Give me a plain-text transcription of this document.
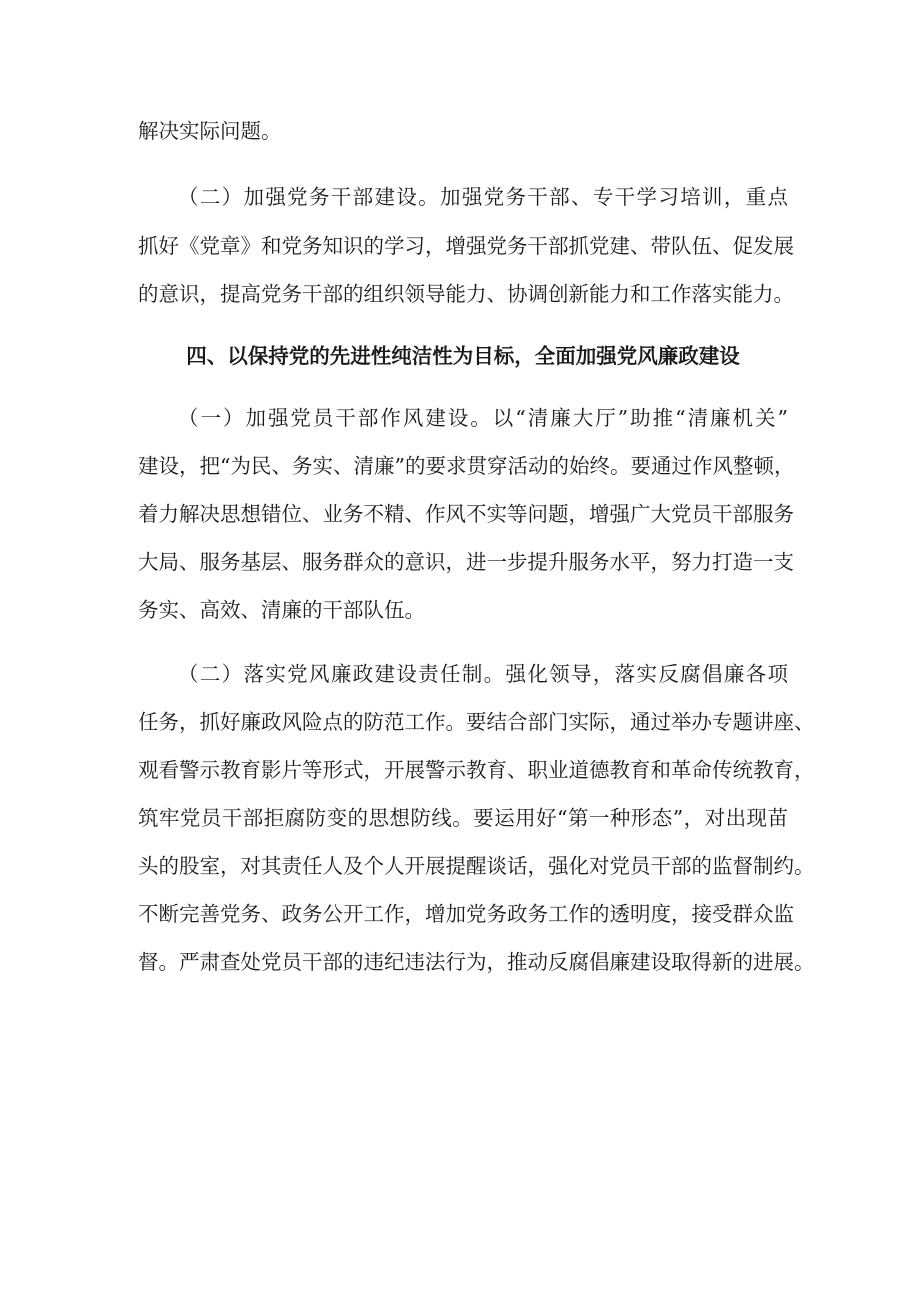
解决实际问题。

（二）加强党务干部建设。加强党务干部、专干学习培训，重点

抓好《党章》和党务知识的学习，增强党务干部抓党建、带队伍、促发展

的意识，提高党务干部的组织领导能力、协调创新能力和工作落实能力。

四、以保持党的先进性纯洁性为目标，全面加强党风廉政建设

（一）加强党员干部作风建设。以“清廉大厅”助推“清廉机关”

建设，把“为民、务实、清廉”的要求贯穿活动的始终。要通过作风整顿，

着力解决思想错位、业务不精、作风不实等问题，增强广大党员干部服务

大局、服务基层、服务群众的意识，进一步提升服务水平，努力打造一支

务实、高效、清廉的干部队伍。

（二）落实党风廉政建设责任制。强化领导，落实反腐倡廉各项

任务，抓好廉政风险点的防范工作。要结合部门实际，通过举办专题讲座、

观看警示教育影片等形式，开展警示教育、职业道德教育和革命传统教育，

筑牢党员干部拒腐防变的思想防线。要运用好“第一种形态”，对出现苗

头的股室，对其责任人及个人开展提醒谈话，强化对党员干部的监督制约。

不断完善党务、政务公开工作，增加党务政务工作的透明度，接受群众监

督。严肃查处党员干部的违纪违法行为，推动反腐倡廉建设取得新的进展。
